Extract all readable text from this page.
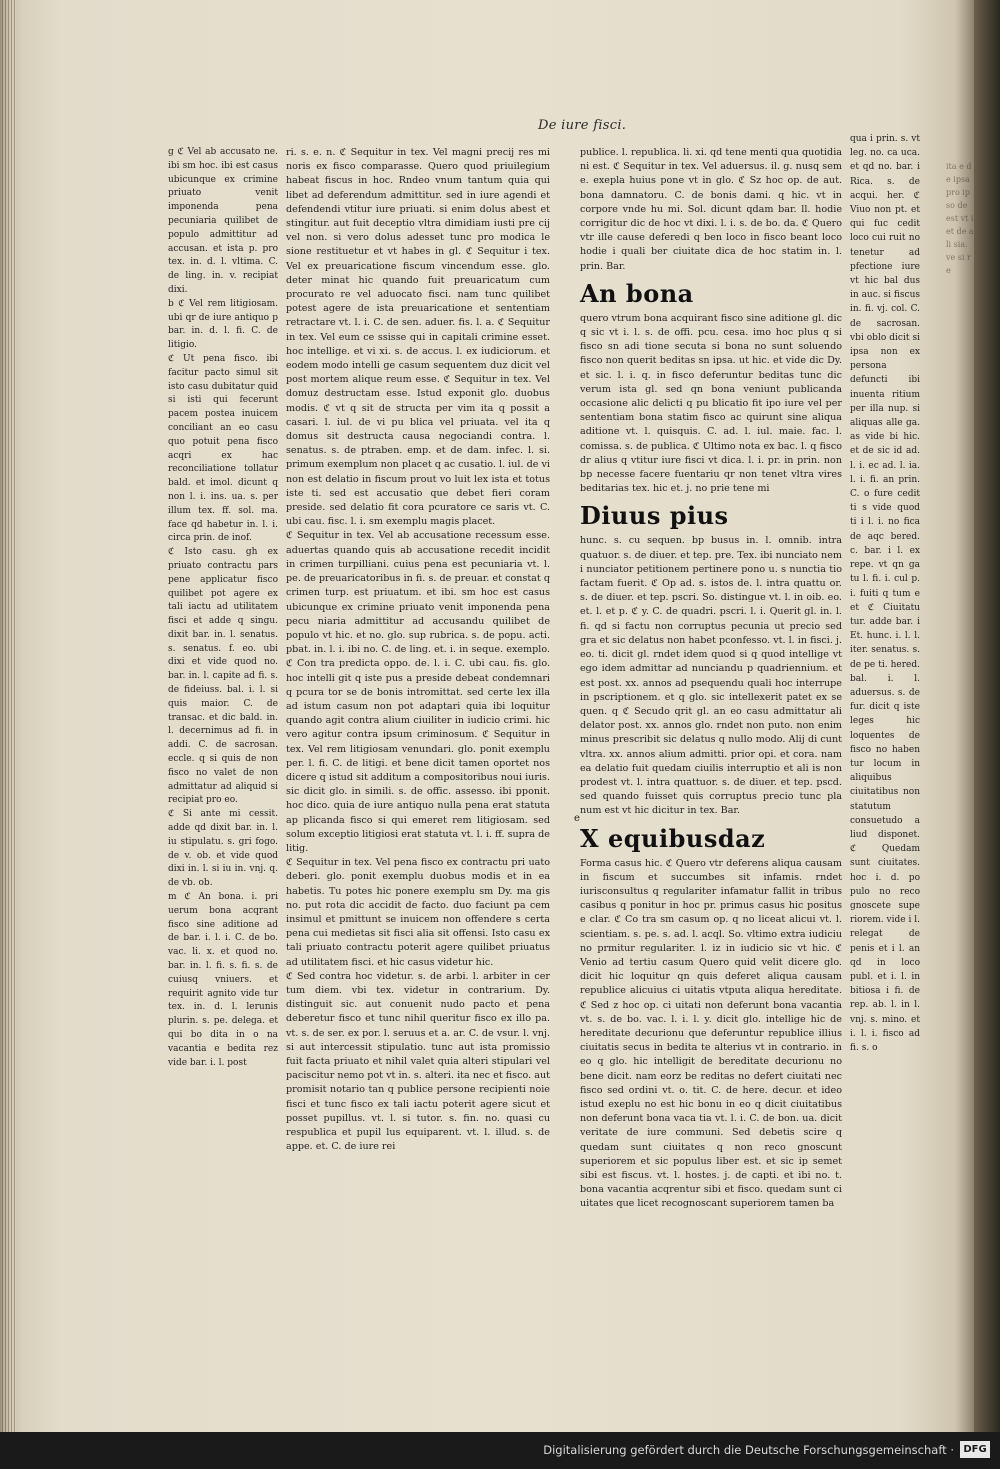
De iure fisci.

g ℭ Vel ab accusato ne. ibi sm hoc. ibi est casus ubicunque ex crimine priuato venit imponenda pena pecuniaria quilibet de populo admittitur ad accusan. et ista p. pro tex. in. d. l. vltima. C. de ling. in. v. recipiat dixi.

b ℭ Vel rem litigiosam. ubi qr de iure antiquo p bar. in. d. l. fi. C. de litigio.

ℭ Ut pena fisco. ibi facitur pacto simul sit isto casu dubitatur quid si isti qui fecerunt pacem postea inuicem conciliant an eo casu quo potuit pena fisco acqri ex hac reconciliatione tollatur bald. et imol. dicunt q non l. i. ins. ua. s. per illum tex. ff. sol. ma. face qd habetur in. l. i. circa prin. de inof.

ℭ Isto casu. gh ex priuato contractu pars pene applicatur fisco quilibet pot agere ex tali iactu ad utilitatem fisci et adde q singu. dixit bar. in. l. senatus. s. senatus. f. eo. ubi dixi et vide quod no. bar. in. l. capite ad fi. s. de fideiuss. bal. i. l. si quis maior. C. de transac. et dic bald. in. l. decernimus ad fi. in addi. C. de sacrosan. eccle. q si quis de non fisco no valet de non admittatur ad aliquid si recipiat pro eo.

ℭ Si ante mi cessit. adde qd dixit bar. in. l. iu stipulatu. s. gri fogo. de v. ob. et vide quod dixi in. l. si iu in. vnj. q. de vb. ob.

m ℭ An bona. i. pri uerum bona acqrant fisco sine aditione ad de bar. i. l. i. C. de bo. vac. li. x. et quod no. bar. in. l. fi. s. fi. s. de cuiusq vniuers. et requirit agnito vide tur tex. in. d. l. lerunis plurin. s. pe. delega. et qui bo dita in o na vacantia e bedita rez vide bar. i. l. post

ri. s. e. n. ℭ Sequitur in tex. Vel magni precij res mi noris ex fisco comparasse. Quero quod priuilegium habeat fiscus in hoc. Rndeo vnum tantum quia qui libet ad deferendum admittitur. sed in iure agendi et defendendi vtitur iure priuati. si enim dolus abest et stingitur. aut fuit deceptio vltra dimidiam iusti pre cij vel non. si vero dolus adesset tunc pro modica le sione restituetur et vt habes in gl. ℭ Sequitur i tex. Vel ex preuaricatione fiscum vincendum esse. glo. deter minat hic quando fuit preuaricatum cum procurato re vel aduocato fisci. nam tunc quilibet potest agere de ista preuaricatione et sententiam retractare vt. l. i. C. de sen. aduer. fis. l. a. ℭ Sequitur in tex. Vel eum ce ssisse qui in capitali crimine esset. hoc intellige. et vi xi. s. de accus. l. ex iudiciorum. et eodem modo intelli ge casum sequentem duz dicit vel post mortem alique reum esse. ℭ Sequitur in tex. Vel domuz destructam esse. Istud exponit glo. duobus modis. ℭ vt q sit de structa per vim ita q possit a casari. l. iul. de vi pu blica vel priuata. vel ita q domus sit destructa causa negociandi contra. l. senatus. s. de ptraben. emp. et de dam. infec. l. si. primum exemplum non placet q ac cusatio. l. iul. de vi non est delatio in fiscum prout vo luit lex ista et totus iste ti. sed est accusatio que debet fieri coram preside. sed delatio fit cora pcuratore ce saris vt. C. ubi cau. fisc. l. i. sm exemplu magis placet.

ℭ Sequitur in tex. Vel ab accusatione recessum esse. aduertas quando quis ab accusatione recedit incidit in crimen turpilliani. cuius pena est pecuniaria vt. l. pe. de preuaricatoribus in fi. s. de preuar. et constat q crimen turp. est priuatum. et ibi. sm hoc est casus ubicunque ex crimine priuato venit imponenda pena pecu niaria admittitur ad accusandu quilibet de populo vt hic. et no. glo. sup rubrica. s. de popu. acti. pbat. in. l. i. ibi no. C. de ling. et. i. in seque. exemplo. ℭ Con tra predicta oppo. de. l. i. C. ubi cau. fis. glo. hoc intelli git q iste pus a preside debeat condemnari q pcura tor se de bonis intromittat. sed certe lex illa ad istum casum non pot adaptari quia ibi loquitur quando agit contra alium ciuiliter in iudicio crimi. hic vero agitur contra ipsum criminosum. ℭ Sequitur in tex. Vel rem litigiosam venundari. glo. ponit exemplu per. l. fi. C. de litigi. et bene dicit tamen oportet nos dicere q istud sit additum a compositoribus noui iuris. sic dicit glo. in simili. s. de offic. assesso. ibi pponit. hoc dico. quia de iure antiquo nulla pena erat statuta ap plicanda fisco si qui emeret rem litigiosam. sed solum exceptio litigiosi erat statuta vt. l. i. ff. supra de litig.

ℭ Sequitur in tex. Vel pena fisco ex contractu pri uato deberi. glo. ponit exemplu duobus modis et in ea habetis. Tu potes hic ponere exemplu sm Dy. ma gis no. put rota dic accidit de facto. duo faciunt pa cem insimul et pmittunt se inuicem non offendere s certa pena cui medietas sit fisci alia sit offensi. Isto casu ex tali priuato contractu poterit agere quilibet priuatus ad utilitatem fisci. et hic casus videtur hic.

ℭ Sed contra hoc videtur. s. de arbi. l. arbiter in cer tum diem. vbi tex. videtur in contrarium. Dy. distinguit sic. aut conuenit nudo pacto et pena deberetur fisco et tunc nihil queritur fisco ex illo pa. vt. s. de ser. ex por. l. seruus et a. ar. C. de vsur. l. vnj. si aut intercessit stipulatio. tunc aut ista promissio fuit facta priuato et nihil valet quia alteri stipulari vel paciscitur nemo pot vt in. s. alteri. ita nec et fisco. aut promisit notario tan q publice persone recipienti noie fisci et tunc fisco ex tali iactu poterit agere sicut et posset pupillus. vt. l. si tutor. s. fin. no. quasi cu respublica et pupil lus equiparent. vt. l. illud. s. de appe. et. C. de iure rei

publice. l. republica. li. xi. qd tene menti qua quotidia ni est. ℭ Sequitur in tex. Vel aduersus. il. g. nusq sem e. exepla huius pone vt in glo. ℭ Sz hoc op. de aut. bona damnatoru. C. de bonis dami. q hic. vt in corpore vnde hu mi. Sol. dicunt qdam bar. ll. hodie corrigitur dic de hoc vt dixi. l. i. s. de bo. da. ℭ Quero vtr ille cause deferedi q ben loco in fisco beant loco hodie i quali ber ciuitate dica de hoc statim in. l. prin. Bar.

An bona

quero vtrum bona acquirant fisco sine aditione gl. dic q sic vt i. l. s. de offi. pcu. cesa. imo hoc plus q si fisco sn adi tione secuta si bona no sunt soluendo fisco non querit beditas sn ipsa. ut hic. et vide dic Dy. et sic. l. i. q. in fisco deferuntur beditas tunc dic verum ista gl. sed qn bona veniunt publicanda occasione alic delicti q pu blicatio fit ipo iure vel per sententiam bona statim fisco ac quirunt sine aliqua aditione vt. l. quisquis. C. ad. l. iul. maie. fac. l. comissa. s. de publica. ℭ Ultimo nota ex bac. l. q fisco dr alius q vtitur iure fisci vt dica. l. i. pr. in prin. non bp necesse facere fuentariu qr non tenet vltra vires beditarias tex. hic et. j. no prie tene mi

Diuus pius

hunc. s. cu sequen. bp busus in. l. omnib. intra quatuor. s. de diuer. et tep. pre. Tex. ibi nunciato nem i nunciator petitionem pertinere pono u. s nunctia tio factam fuerit. ℭ Op ad. s. istos de. l. intra quattu or. s. de diuer. et tep. pscri. So. distingue vt. l. in oib. eo. et. l. et p. ℭ y. C. de quadri. pscri. l. i. Querit gl. in. l. fi. qd si factu non corruptus pecunia ut precio sed gra et sic delatus non habet pconfesso. vt. l. in fisci. j. eo. ti. dicit gl. rndet idem quod si q quod intellige vt ego idem admittar ad nunciandu p quadriennium. et est post. xx. annos ad psequendu quali hoc interrupe in pscriptionem. et q glo. sic intellexerit patet ex se quen. q ℭ Secudo qrit gl. an eo casu admittatur ali delator post. xx. annos glo. rndet non puto. non enim minus prescribit sic delatus q nullo modo. Alij di cunt vltra. xx. annos alium admitti. prior opi. et cora. nam ea delatio fuit quedam ciuilis interruptio et ali is non prodest vt. l. intra quattuor. s. de diuer. et tep. pscd. sed quando fuisset quis corruptus precio tunc pla num est vt hic dicitur in tex. Bar.

X equibusdaz

Forma casus hic. ℭ Quero vtr deferens aliqua causam in fiscum et succumbes sit infamis. rndet iurisconsultus q regulariter infamatur fallit in tribus casibus q ponitur in hoc pr. primus casus hic positus e clar. ℭ Co tra sm casum op. q no liceat alicui vt. l. scientiam. s. pe. s. ad. l. acql. So. vltimo extra iudiciu no prmitur regulariter. l. iz in iudicio sic vt hic. ℭ Venio ad tertiu casum Quero quid velit dicere glo. dicit hic loquitur qn quis deferet aliqua causam republice alicuius ci uitatis vtputa aliqua hereditate. ℭ Sed z hoc op. ci uitati non deferunt bona vacantia vt. s. de bo. vac. l. i. l. y. dicit glo. intellige hic de hereditate decurionu que deferuntur republice illius ciuitatis secus in bedita te alterius vt in contrario. in eo q glo. hic intelligit de bereditate decurionu no bene dicit. nam eorz be reditas no defert ciuitati nec fisco sed ordini vt. o. tit. C. de here. decur. et ideo istud exeplu no est hic bonu in eo q dicit ciuitatibus non deferunt bona vaca tia vt. l. i. C. de bon. ua. dicit veritate de iure communi. Sed debetis scire q quedam sunt ciuitates q non reco gnoscunt superiorem et sic populus liber est. et sic ip semet sibi est fiscus. vt. l. hostes. j. de capti. et ibi no. t. bona vacantia acqrentur sibi et fisco. quedam sunt ci uitates que licet recognoscant superiorem tamen ba

e

qua i prin. s. vt leg. no. ca uca. et qd no. bar. i Rica. s. de acqui. her. ℭ Viuo non pt. et qui fuc cedit loco cui ruit no tenetur ad pfectione iure vt hic bal dus in auc. si fiscus in. fi. vj. col. C. de sacrosan. vbi oblo dicit si ipsa non ex persona defuncti ibi inuenta ritium per illa nup. si aliquas alle ga. as vide bi hic. et de sic id ad. l. i. ec ad. l. ia. l. i. fi. an prin. C. o fure cedit ti s vide quod ti i l. i. no fica de aqc bered. c. bar. i l. ex repe. vt qn ga tu l. fi. i. cul p. i. fuiti q tum e et ℭ Ciuitatu tur. adde bar. i Et. hunc. i. l. l. iter. senatus. s. de pe ti. hered. bal. i. l. aduersus. s. de fur. dicit q iste leges hic loquentes de fisco no haben tur locum in aliquibus ciuitatibus non statutum consuetudo a liud disponet. ℭ Quedam sunt ciuitates. hoc i. d. po pulo no reco gnoscete supe riorem. vide i l. relegat de penis et i l. an qd in loco publ. et i. l. in bitiosa i fi. de rep. ab. l. in l. vnj. s. mino. et i. l. i. fisco ad fi. s. o

ita e de ipsa pro ipso de est vt i et de ali sia. ve si re
Digitalisierung gefördert durch die Deutsche Forschungsgemeinschaft · DFG
